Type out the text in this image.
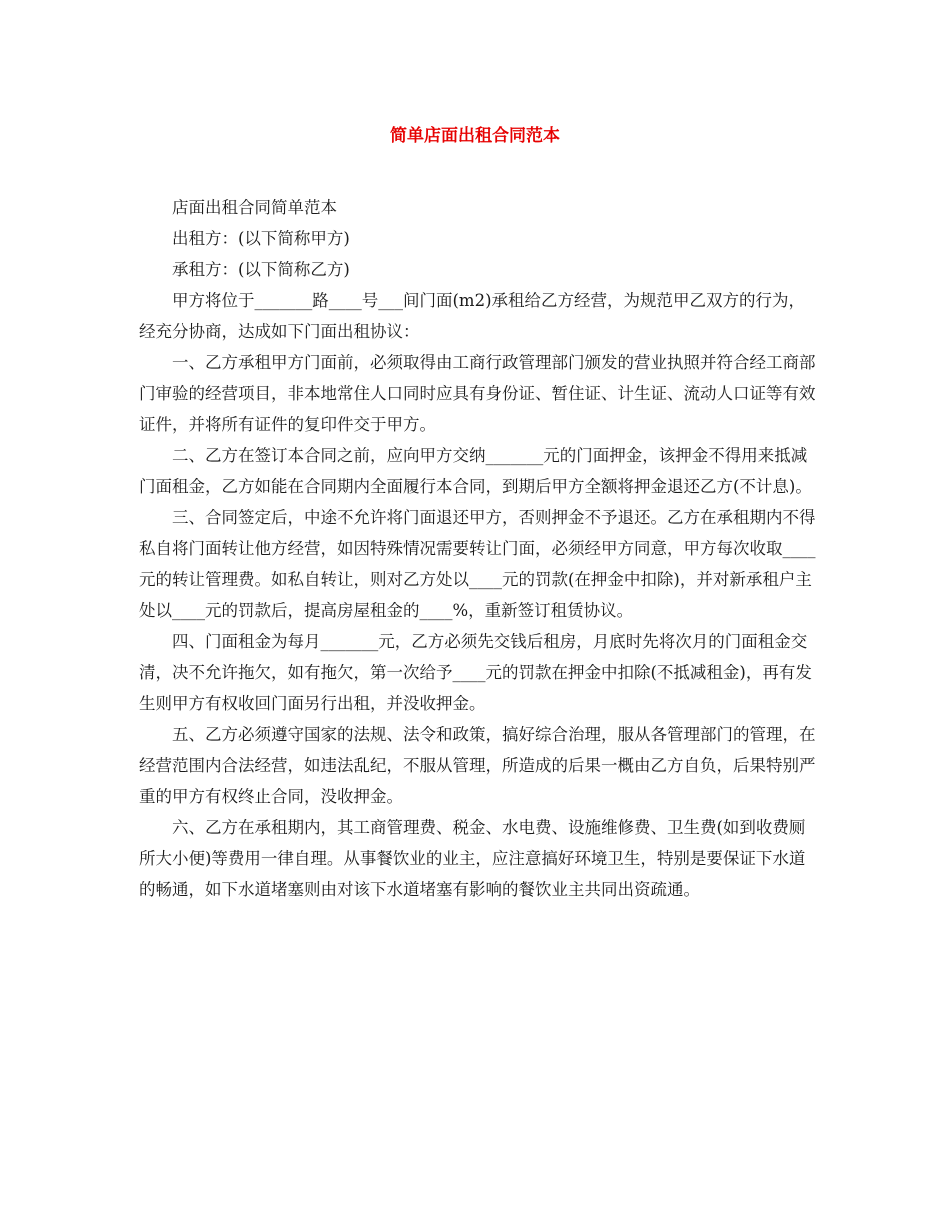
简单店面出租合同范本

店面出租合同简单范本

出租方：(以下简称甲方)

承租方：(以下简称乙方)

甲方将位于_______路____号___间门面(m2)承租给乙方经营，为规范甲乙双方的行为，经充分协商，达成如下门面出租协议：

一、乙方承租甲方门面前，必须取得由工商行政管理部门颁发的营业执照并符合经工商部门审验的经营项目，非本地常住人口同时应具有身份证、暂住证、计生证、流动人口证等有效证件，并将所有证件的复印件交于甲方。

二、乙方在签订本合同之前，应向甲方交纳_______元的门面押金，该押金不得用来抵减门面租金，乙方如能在合同期内全面履行本合同，到期后甲方全额将押金退还乙方(不计息)。

三、合同签定后，中途不允许将门面退还甲方，否则押金不予退还。乙方在承租期内不得私自将门面转让他方经营，如因特殊情况需要转让门面，必须经甲方同意，甲方每次收取____元的转让管理费。如私自转让，则对乙方处以____元的罚款(在押金中扣除)，并对新承租户主处以____元的罚款后，提高房屋租金的____%，重新签订租赁协议。

四、门面租金为每月_______元，乙方必须先交钱后租房，月底时先将次月的门面租金交清，决不允许拖欠，如有拖欠，第一次给予____元的罚款在押金中扣除(不抵减租金)，再有发生则甲方有权收回门面另行出租，并没收押金。

五、乙方必须遵守国家的法规、法令和政策，搞好综合治理，服从各管理部门的管理，在经营范围内合法经营，如违法乱纪，不服从管理，所造成的后果一概由乙方自负，后果特别严重的甲方有权终止合同，没收押金。

六、乙方在承租期内，其工商管理费、税金、水电费、设施维修费、卫生费(如到收费厕所大小便)等费用一律自理。从事餐饮业的业主，应注意搞好环境卫生，特别是要保证下水道的畅通，如下水道堵塞则由对该下水道堵塞有影响的餐饮业主共同出资疏通。
